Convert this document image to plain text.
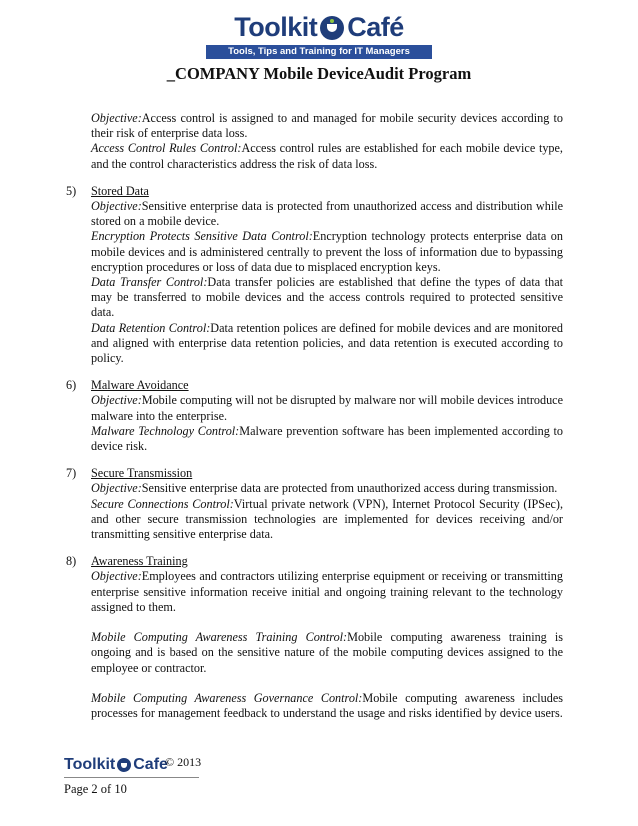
Toolkit Café
Tools, Tips and Training for IT Managers
_COMPANY Mobile DeviceAudit Program

Objective:Access control is assigned to and managed for mobile security devices according to their risk of enterprise data loss.

Access Control Rules Control:Access control rules are established for each mobile device type, and the control characteristics address the risk of data loss.

5) Stored Data

Objective:Sensitive enterprise data is protected from unauthorized access and distribution while stored on a mobile device.

Encryption Protects Sensitive Data Control:Encryption technology protects enterprise data on mobile devices and is administered centrally to prevent the loss of information due to bypassing encryption procedures or loss of data due to misplaced encryption keys.

Data Transfer Control:Data transfer policies are established that define the types of data that may be transferred to mobile devices and the access controls required to protected sensitive data.

Data Retention Control:Data retention polices are defined for mobile devices and are monitored and aligned with enterprise data retention policies, and data retention is executed according to policy.

6) Malware Avoidance

Objective:Mobile computing will not be disrupted by malware nor will mobile devices introduce malware into the enterprise.

Malware Technology Control:Malware prevention software has been implemented according to device risk.

7) Secure Transmission

Objective:Sensitive enterprise data are protected from unauthorized access during transmission.

Secure Connections Control:Virtual private network (VPN), Internet Protocol Security (IPSec), and other secure transmission technologies are implemented for devices receiving and/or transmitting sensitive enterprise data.

8) Awareness Training

Objective:Employees and contractors utilizing enterprise equipment or receiving or transmitting enterprise sensitive information receive initial and ongoing training relevant to the technology assigned to them.

Mobile Computing Awareness Training Control:Mobile computing awareness training is ongoing and is based on the sensitive nature of the mobile computing devices assigned to the employee or contractor.

Mobile Computing Awareness Governance Control:Mobile computing awareness includes processes for management feedback to understand the usage and risks identified by device users.

Toolkit Cafe
© 2013
Page 2 of 10
